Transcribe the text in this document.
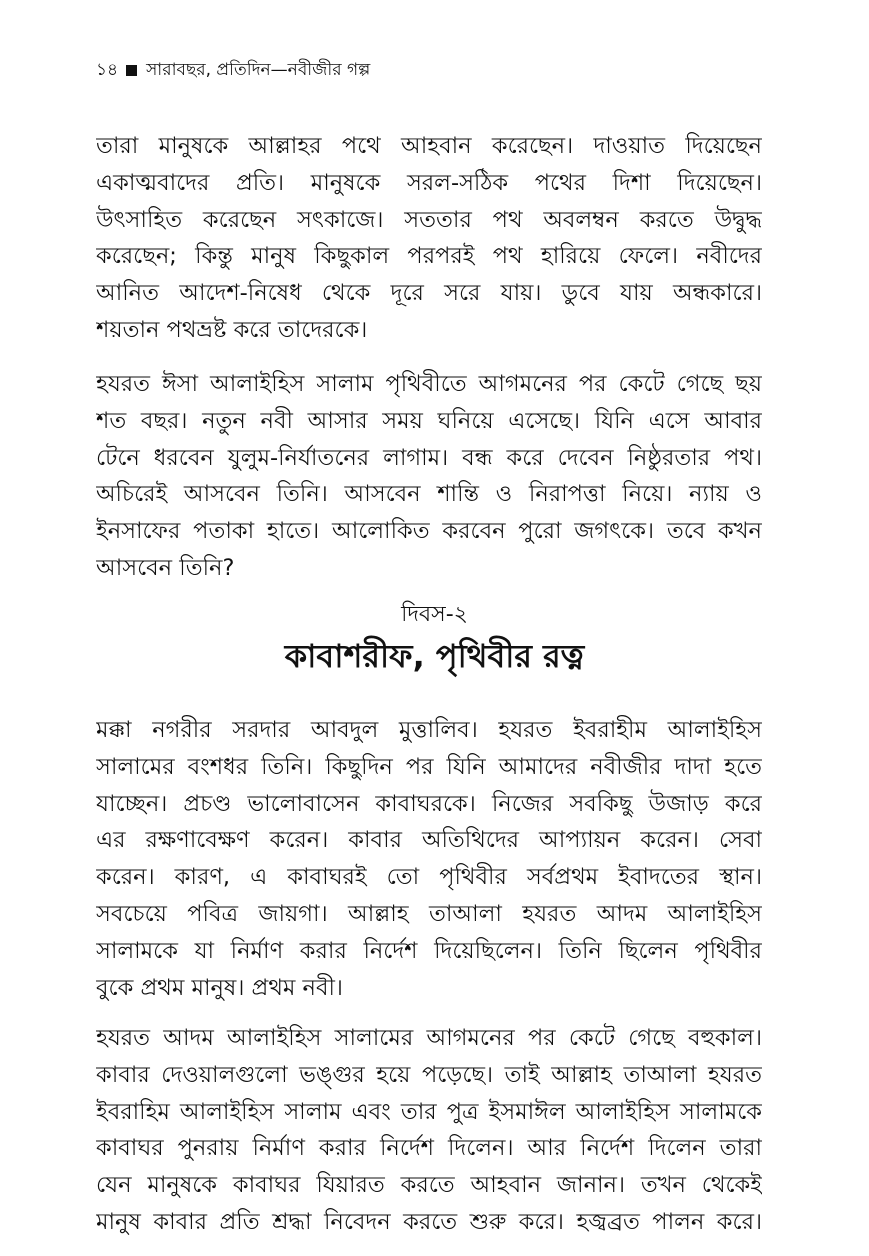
১৪ সারাবছর, প্রতিদিন—নবীজীর গল্প
তারা মানুষকে আল্লাহর পথে আহবান করেছেন। দাওয়াত দিয়েছেন
একাত্মবাদের প্রতি। মানুষকে সরল-সঠিক পথের দিশা দিয়েছেন।
উৎসাহিত করেছেন সৎকাজে। সততার পথ অবলম্বন করতে উদ্বুদ্ধ
করেছেন; কিন্তু মানুষ কিছুকাল পরপরই পথ হারিয়ে ফেলে। নবীদের
আনিত আদেশ-নিষেধ থেকে দূরে সরে যায়। ডুবে যায় অন্ধকারে।
শয়তান পথভ্রষ্ট করে তাদেরকে।
হযরত ঈসা আলাইহিস সালাম পৃথিবীতে আগমনের পর কেটে গেছে ছয়
শত বছর। নতুন নবী আসার সময় ঘনিয়ে এসেছে। যিনি এসে আবার
টেনে ধরবেন যুলুম-নির্যাতনের লাগাম। বন্ধ করে দেবেন নিষ্ঠুরতার পথ।
অচিরেই আসবেন তিনি। আসবেন শান্তি ও নিরাপত্তা নিয়ে। ন্যায় ও
ইনসাফের পতাকা হাতে। আলোকিত করবেন পুরো জগৎকে। তবে কখন
আসবেন তিনি?
দিবস-২
কাবাশরীফ, পৃথিবীর রত্ন
মক্কা নগরীর সরদার আবদুল মুত্তালিব। হযরত ইবরাহীম আলাইহিস
সালামের বংশধর তিনি। কিছুদিন পর যিনি আমাদের নবীজীর দাদা হতে
যাচ্ছেন। প্রচণ্ড ভালোবাসেন কাবাঘরকে। নিজের সবকিছু উজাড় করে
এর রক্ষণাবেক্ষণ করেন। কাবার অতিথিদের আপ্যায়ন করেন। সেবা
করেন। কারণ, এ কাবাঘরই তো পৃথিবীর সর্বপ্রথম ইবাদতের স্থান।
সবচেয়ে পবিত্র জায়গা। আল্লাহ তাআলা হযরত আদম আলাইহিস
সালামকে যা নির্মাণ করার নির্দেশ দিয়েছিলেন। তিনি ছিলেন পৃথিবীর
বুকে প্রথম মানুষ। প্রথম নবী।
হযরত আদম আলাইহিস সালামের আগমনের পর কেটে গেছে বহুকাল।
কাবার দেওয়ালগুলো ভঙ্গুর হয়ে পড়েছে। তাই আল্লাহ তাআলা হযরত
ইবরাহিম আলাইহিস সালাম এবং তার পুত্র ইসমাঈল আলাইহিস সালামকে
কাবাঘর পুনরায় নির্মাণ করার নির্দেশ দিলেন। আর নির্দেশ দিলেন তারা
যেন মানুষকে কাবাঘর যিয়ারত করতে আহবান জানান। তখন থেকেই
মানুষ কাবার প্রতি শ্রদ্ধা নিবেদন করতে শুরু করে। হজ্বব্রত পালন করে।
